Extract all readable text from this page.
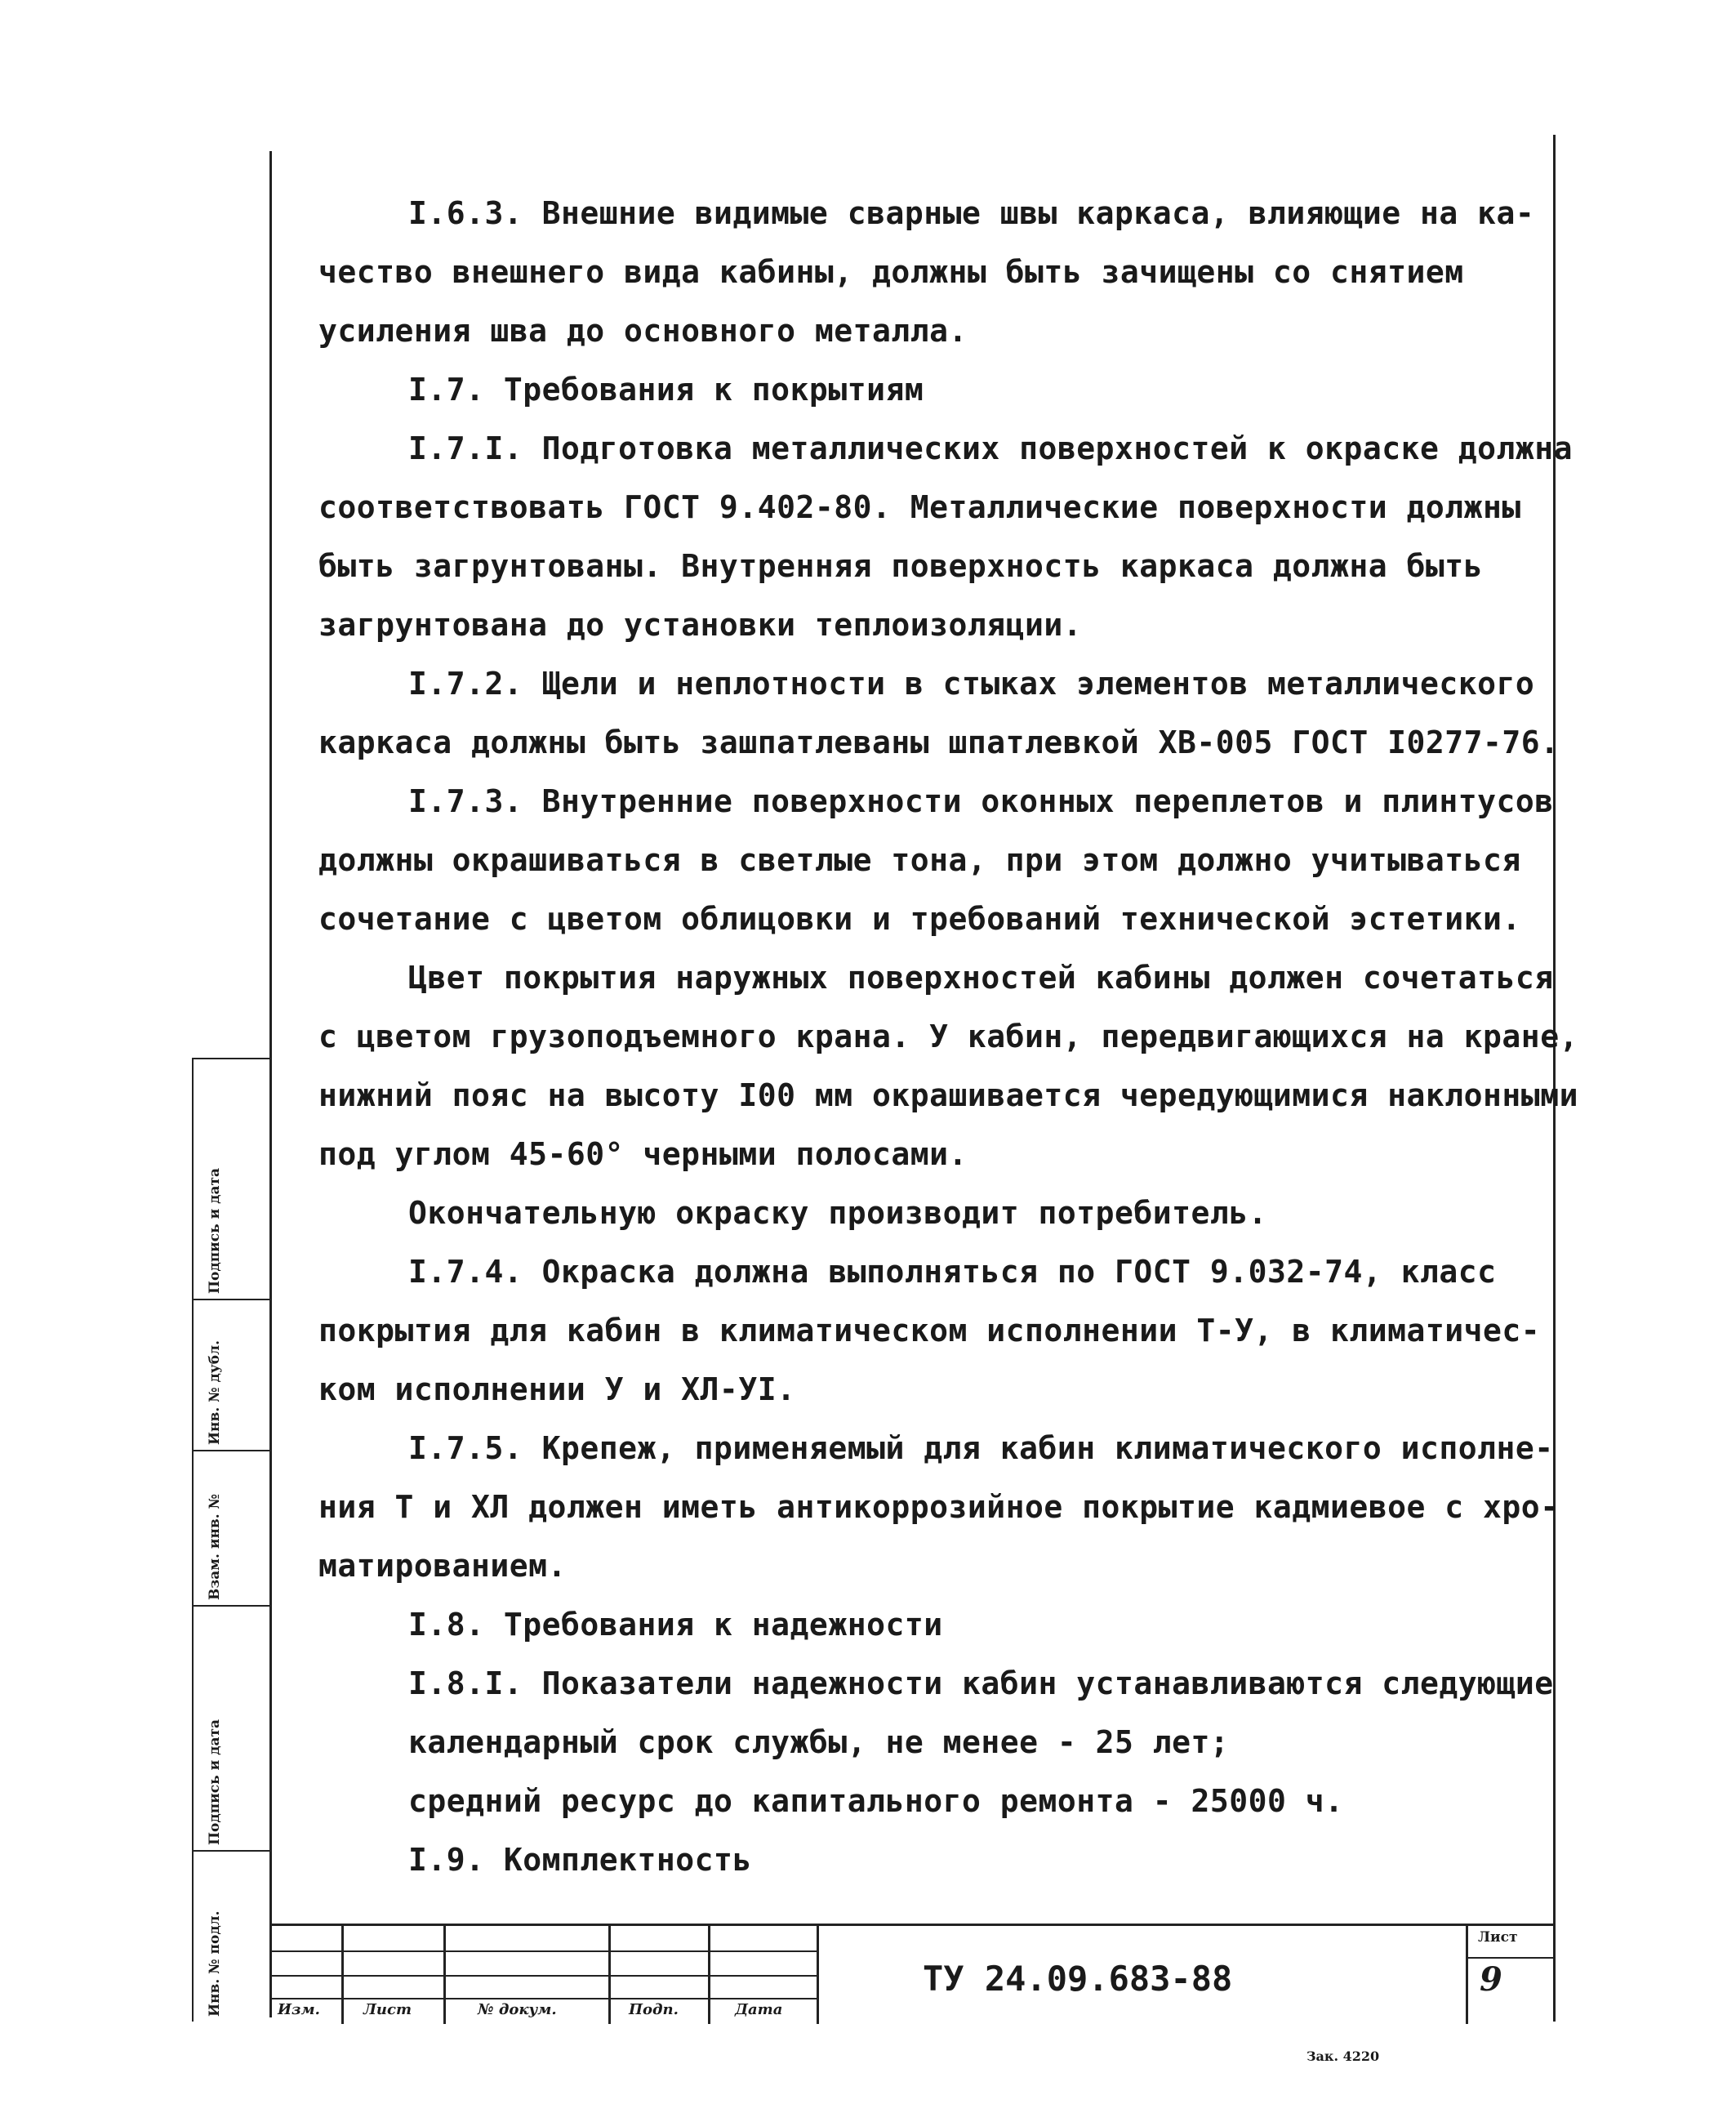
I.6.3. Внешние видимые сварные швы каркаса, влияющие на ка-
чество внешнего вида кабины, должны быть зачищены со снятием
усиления шва до основного металла.
I.7. Требования к покрытиям
I.7.I. Подготовка металлических поверхностей к окраске должна
соответствовать ГОСТ 9.402-80. Металлические поверхности должны
быть загрунтованы. Внутренняя поверхность каркаса должна быть
загрунтована до установки теплоизоляции.
I.7.2. Щели и неплотности в стыках элементов металлического
каркаса должны быть зашпатлеваны шпатлевкой ХВ-005 ГОСТ I0277-76.
I.7.3. Внутренние поверхности оконных переплетов и плинтусов
должны окрашиваться в светлые тона, при этом должно учитываться
сочетание с цветом облицовки и требований технической эстетики.
Цвет покрытия наружных поверхностей кабины должен сочетаться
с цветом грузоподъемного крана. У кабин, передвигающихся на кране,
нижний пояс на высоту I00 мм окрашивается чередующимися наклонными
под углом 45-60° черными полосами.
Окончательную окраску производит потребитель.
I.7.4. Окраска должна выполняться по ГОСТ 9.032-74, класс
покрытия для кабин в климатическом исполнении Т-У, в климатичес-
ком исполнении У и ХЛ-УI.
I.7.5. Крепеж, применяемый для кабин климатического исполне-
ния Т и ХЛ должен иметь антикоррозийное покрытие кадмиевое с хро-
матированием.
I.8. Требования к надежности
I.8.I. Показатели надежности кабин устанавливаются следующие
календарный срок службы, не менее - 25 лет;
средний ресурс до капитального ремонта - 25000 ч.
I.9. Комплектность
Подпись и дата
Инв. № дубл.
Взам. инв. №
Подпись и дата
Инв. № подл.	Изм.	Лист	№ докум.	Подп.	Дата
ТУ 24.09.683-88
Лист
9
Зак. 4220
